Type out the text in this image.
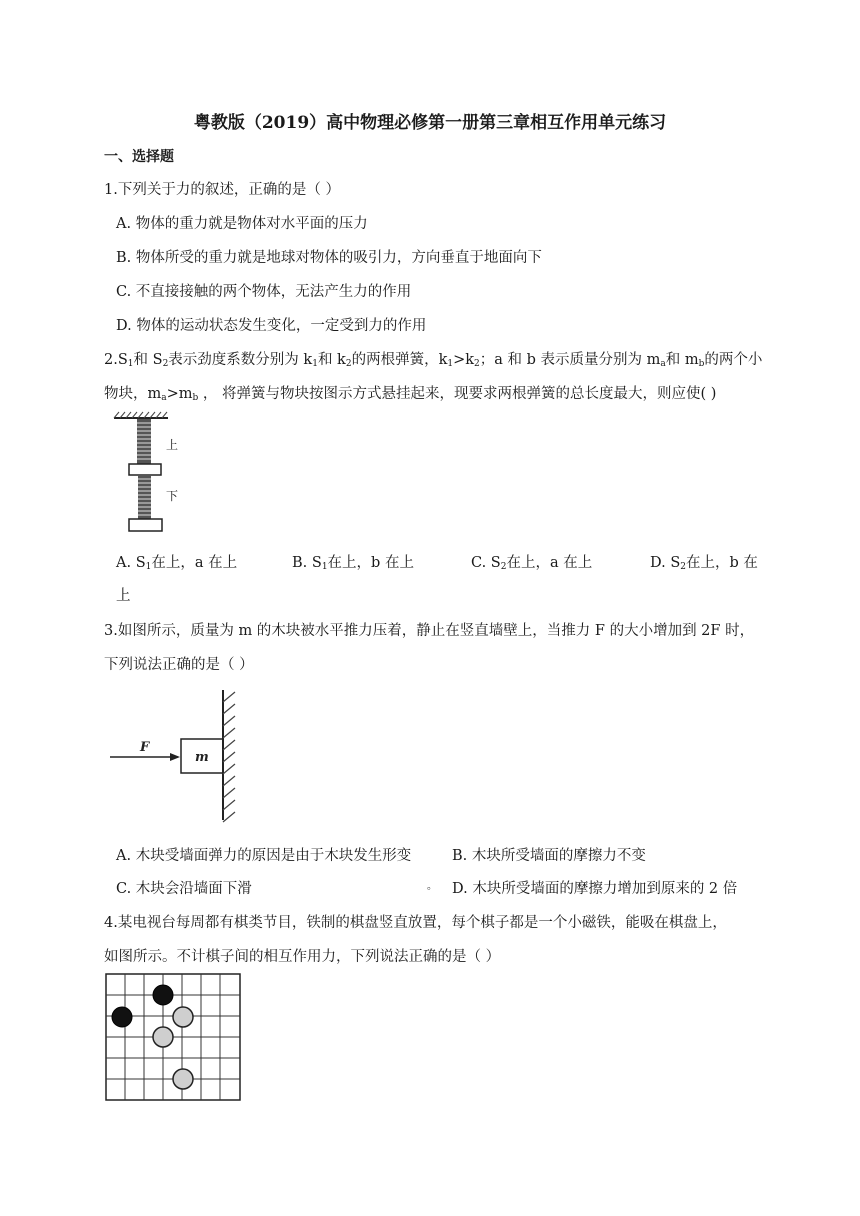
粤教版（2019）高中物理必修第一册第三章相互作用单元练习
一、选择题
1.下列关于力的叙述，正确的是（ ）
A. 物体的重力就是物体对水平面的压力
B. 物体所受的重力就是地球对物体的吸引力，方向垂直于地面向下
C. 不直接接触的两个物体，无法产生力的作用
D. 物体的运动状态发生变化，一定受到力的作用
$2.S_1$和 $S_2$表示劲度系数分别为 $k_1$和 $k_2$的两根弹簧，$k_1>k_2$；a 和 b 表示质量分别为 $m_a$和 $m_b$的两个小
物块，$m_a>m_b$ ， 将弹簧与物块按图示方式悬挂起来，现要求两根弹簧的总长度最大，则应使( )
上
下
A. $S_1$在上，a 在上	B. $S_1$在上，b 在上	C. $S_2$在上，a 在上	D. $S_2$在上，b 在
上
3.如图所示，质量为 m 的木块被水平推力压着，静止在竖直墙壁上，当推力 F 的大小增加到 2F 时，
下列说法正确的是（ ）
F
m
A. 木块受墙面弹力的原因是由于木块发生形变	B. 木块所受墙面的摩擦力不变
C. 木块会沿墙面下滑	。 D. 木块所受墙面的摩擦力增加到原来的 2 倍
4.某电视台每周都有棋类节目，铁制的棋盘竖直放置，每个棋子都是一个小磁铁，能吸在棋盘上，
如图所示。不计棋子间的相互作用力，下列说法正确的是（ ）
